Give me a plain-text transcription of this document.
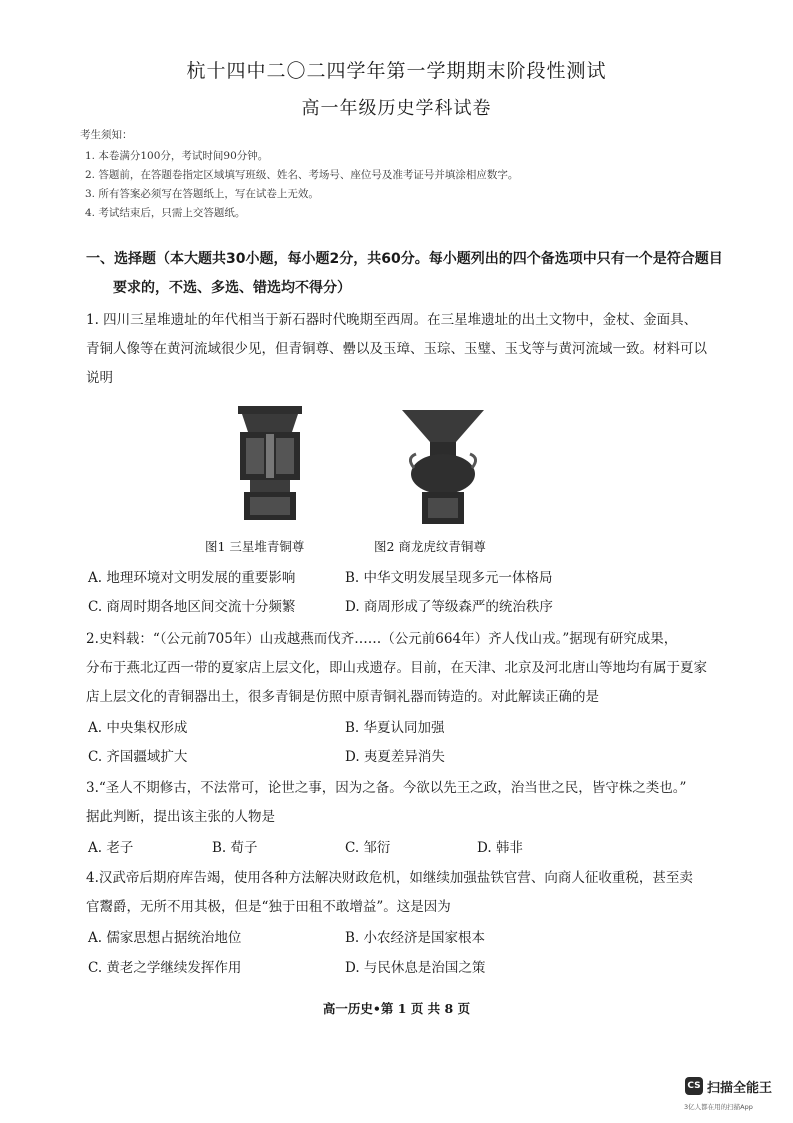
杭十四中二〇二四学年第一学期期末阶段性测试
高一年级历史学科试卷
考生须知：
1. 本卷满分100分，考试时间90分钟。
2. 答题前，在答题卷指定区域填写班级、姓名、考场号、座位号及准考证号并填涂相应数字。
3. 所有答案必须写在答题纸上，写在试卷上无效。
4. 考试结束后，只需上交答题纸。
一、选择题（本大题共30小题，每小题2分，共60分。每小题列出的四个备选项中只有一个是符合题目
要求的，不选、多选、错选均不得分）
1. 四川三星堆遗址的年代相当于新石器时代晚期至西周。在三星堆遗址的出土文物中，金杖、金面具、
青铜人像等在黄河流域很少见，但青铜尊、罍以及玉璋、玉琮、玉璧、玉戈等与黄河流域一致。材料可以
说明
图1 三星堆青铜尊	图2 商龙虎纹青铜尊
A. 地理环境对文明发展的重要影响	B. 中华文明发展呈现多元一体格局
C. 商周时期各地区间交流十分频繁	D. 商周形成了等级森严的统治秩序
2.史料载：“（公元前705年）山戎越燕而伐齐……（公元前664年）齐人伐山戎。”据现有研究成果，
分布于燕北辽西一带的夏家店上层文化，即山戎遗存。目前，在天津、北京及河北唐山等地均有属于夏家
店上层文化的青铜器出土，很多青铜是仿照中原青铜礼器而铸造的。对此解读正确的是
A. 中央集权形成	B. 华夏认同加强
C. 齐国疆域扩大	D. 夷夏差异消失
3.“圣人不期修古，不法常可，论世之事，因为之备。今欲以先王之政，治当世之民，皆守株之类也。”
据此判断，提出该主张的人物是
A. 老子	B. 荀子	C. 邹衍	D. 韩非
4.汉武帝后期府库告竭，使用各种方法解决财政危机，如继续加强盐铁官营、向商人征收重税，甚至卖
官鬻爵，无所不用其极，但是“独于田租不敢增益”。这是因为
A. 儒家思想占据统治地位	B. 小农经济是国家根本
C. 黄老之学继续发挥作用	D. 与民休息是治国之策
高一历史•第 1 页 共 8 页
CS 扫描全能王
3亿人都在用的扫描App
